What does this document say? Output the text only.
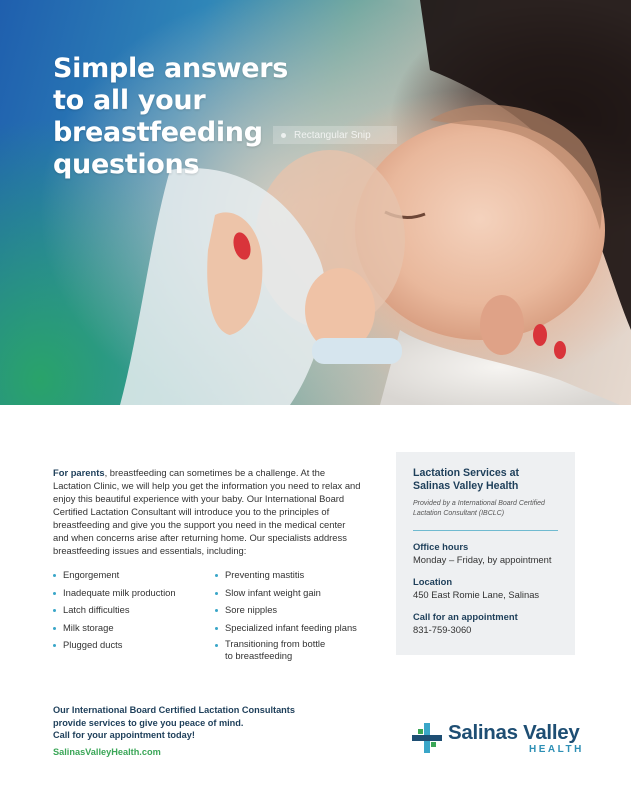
Simple answers to all your breastfeeding questions
Rectangular Snip

For parents, breastfeeding can sometimes be a challenge. At the Lactation Clinic, we will help you get the information you need to relax and enjoy this beautiful experience with your baby. Our International Board Certified Lactation Consultant will introduce you to the principles of breastfeeding and give you the support you need in the medical center and when concerns arise after returning home. Our specialists address breastfeeding issues and essentials, including:

Engorgement
Inadequate milk production
Latch difficulties
Milk storage
Plugged ducts
Preventing mastitis
Slow infant weight gain
Sore nipples
Specialized infant feeding plans
Transitioning from bottle
to breastfeeding
Lactation Services at Salinas Valley Health
Provided by a International Board Certified Lactation Consultant (IBCLC)
Office hours
Monday – Friday, by appointment
Location
450 East Romie Lane, Salinas
Call for an appointment
831-759-3060
Our International Board Certified Lactation Consultants
provide services to give you peace of mind.
Call for your appointment today!
SalinasValleyHealth.com
Salinas Valley
HEALTH
